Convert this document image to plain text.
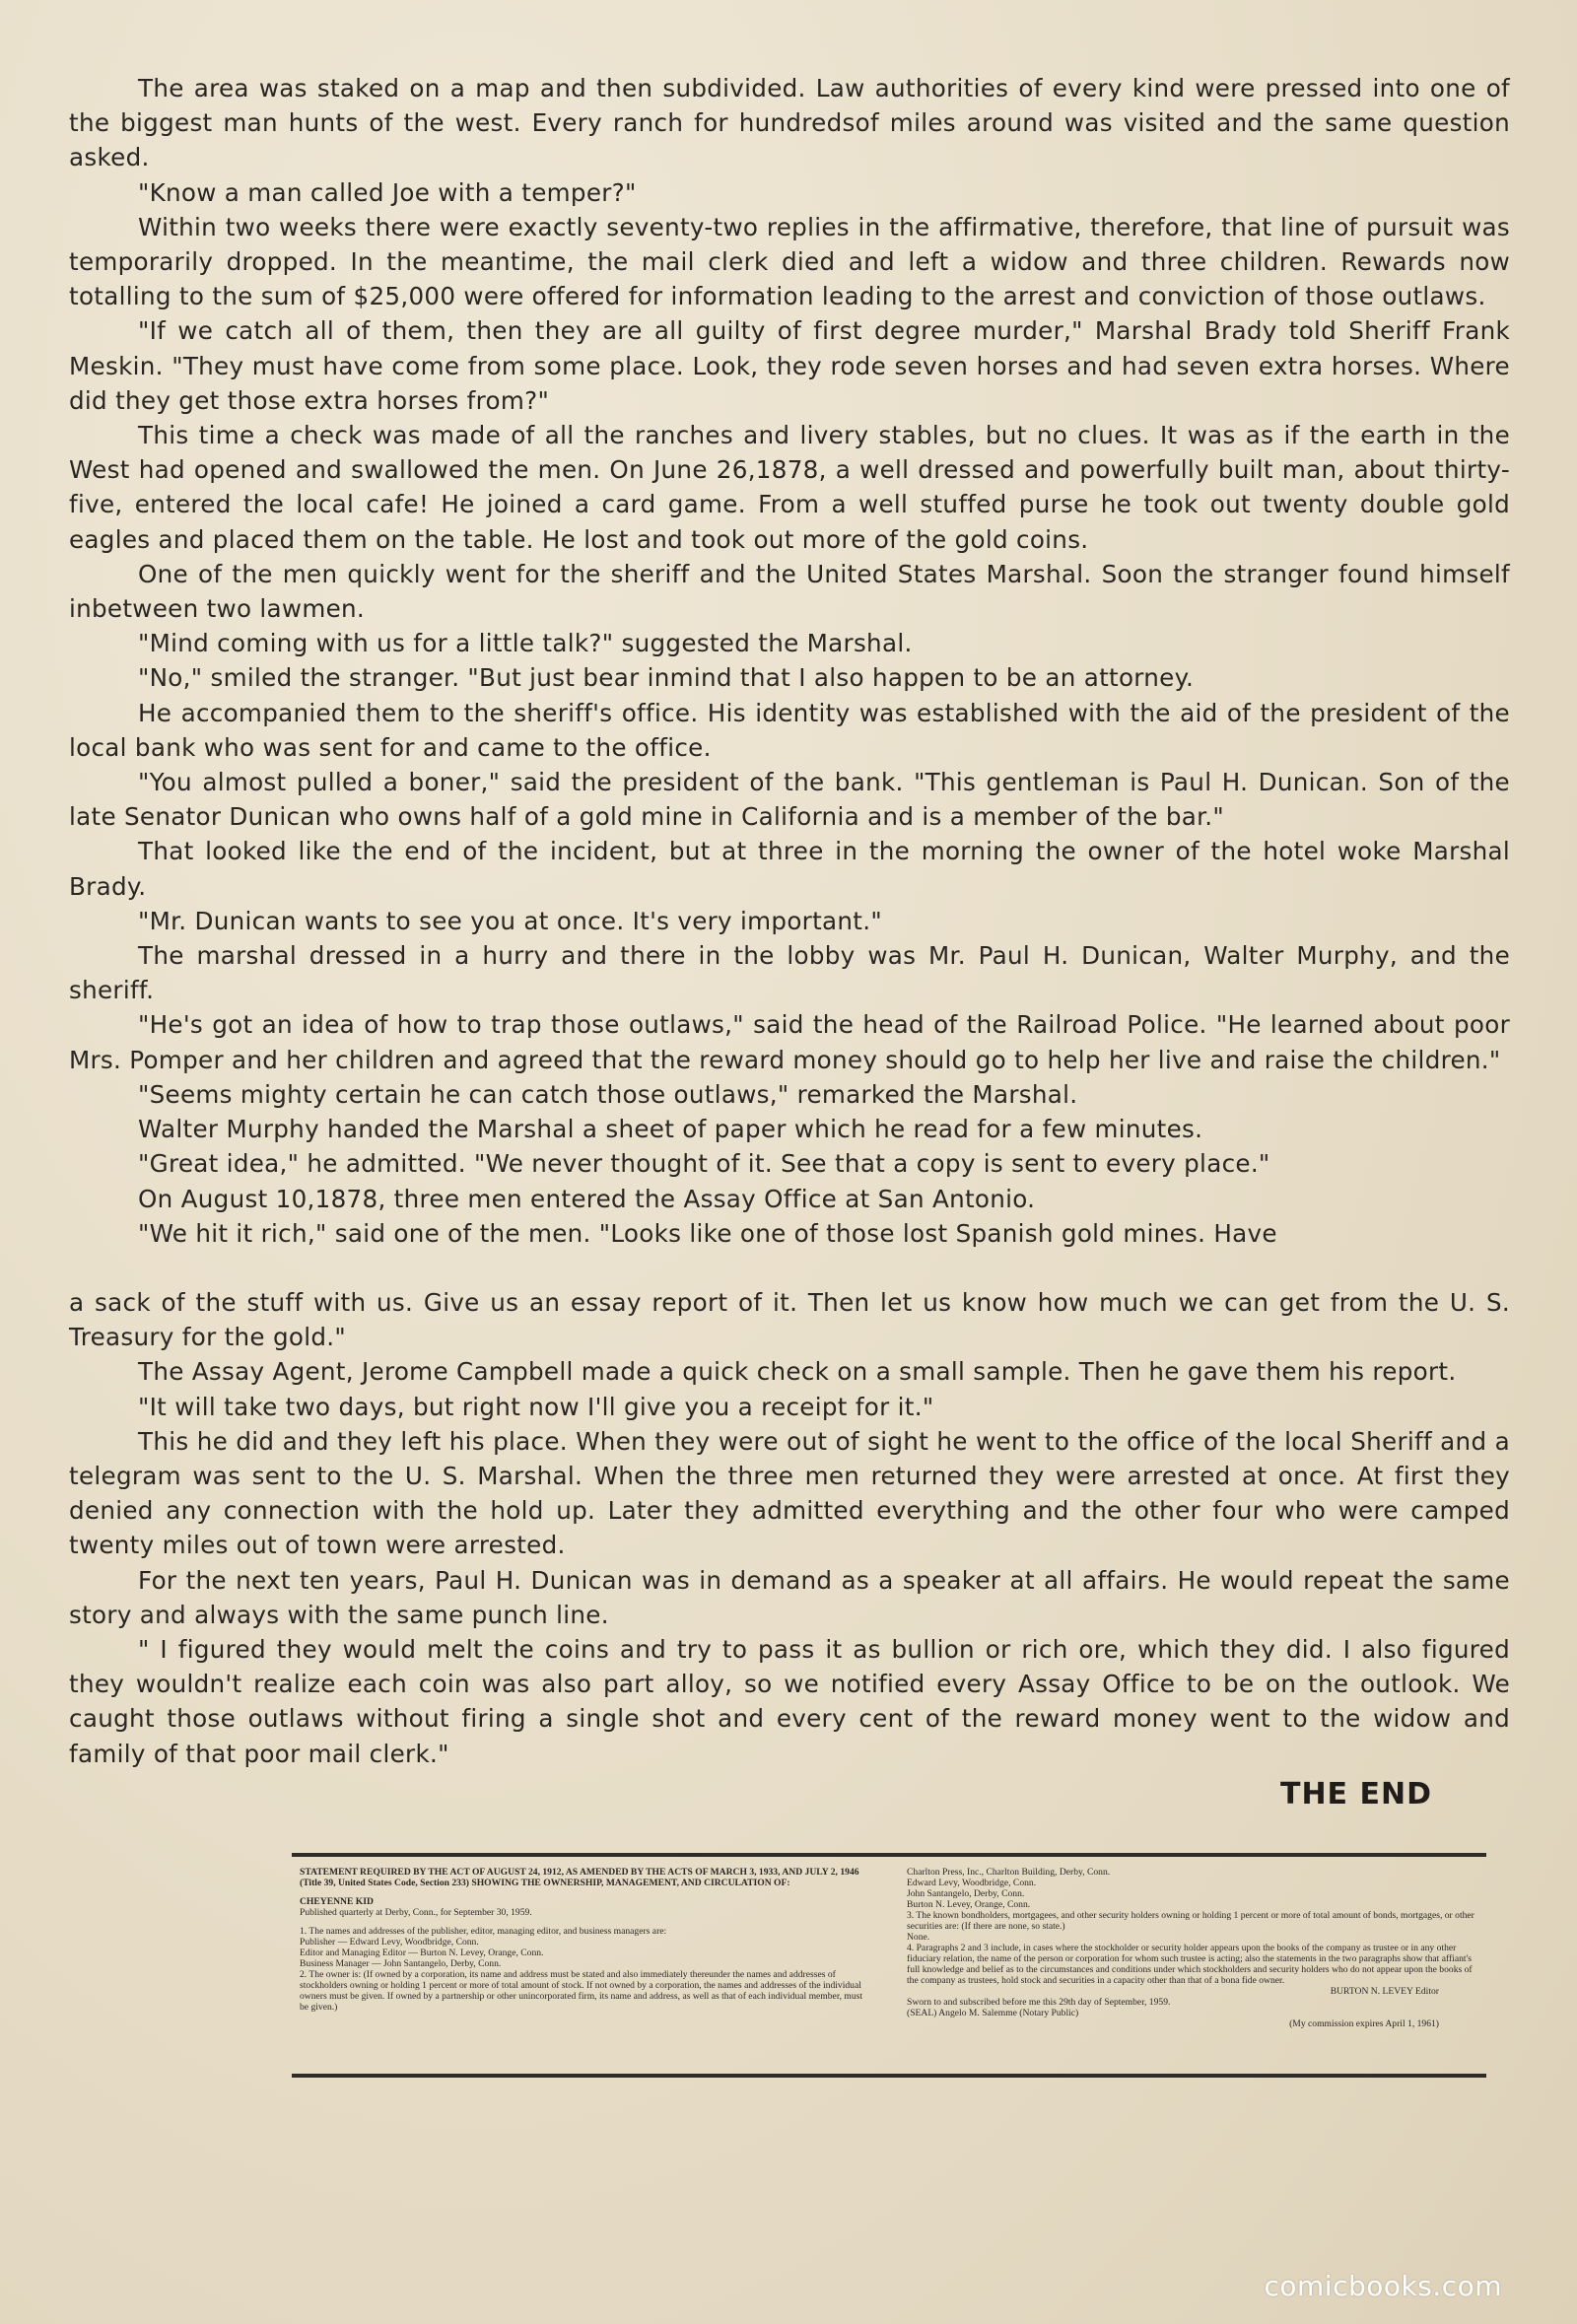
The area was staked on a map and then subdivided. Law authorities of every kind were pressed into one of the biggest man hunts of the west. Every ranch for hundredsof miles around was visited and the same question asked.

"Know a man called Joe with a temper?"

Within two weeks there were exactly seventy-two replies in the affirmative, therefore, that line of pursuit was temporarily dropped. In the meantime, the mail clerk died and left a widow and three children. Rewards now totalling to the sum of $25,000 were offered for information leading to the arrest and conviction of those outlaws.

"If we catch all of them, then they are all guilty of first degree murder," Marshal Brady told Sheriff Frank Meskin. "They must have come from some place. Look, they rode seven horses and had seven extra horses. Where did they get those extra horses from?"

This time a check was made of all the ranches and livery stables, but no clues. It was as if the earth in the West had opened and swallowed the men. On June 26,1878, a well dressed and powerfully built man, about thirty-five, entered the local cafe! He joined a card game. From a well stuffed purse he took out twenty double gold eagles and placed them on the table. He lost and took out more of the gold coins.

One of the men quickly went for the sheriff and the United States Marshal. Soon the stranger found himself inbetween two lawmen.

"Mind coming with us for a little talk?" suggested the Marshal.

"No," smiled the stranger. "But just bear inmind that I also happen to be an attorney.

He accompanied them to the sheriff's office. His identity was established with the aid of the president of the local bank who was sent for and came to the office.

"You almost pulled a boner," said the president of the bank. "This gentleman is Paul H. Dunican. Son of the late Senator Dunican who owns half of a gold mine in California and is a member of the bar."

That looked like the end of the incident, but at three in the morning the owner of the hotel woke Marshal Brady.

"Mr. Dunican wants to see you at once. It's very important."

The marshal dressed in a hurry and there in the lobby was Mr. Paul H. Dunican, Walter Murphy, and the sheriff.

"He's got an idea of how to trap those outlaws," said the head of the Railroad Police. "He learned about poor Mrs. Pomper and her children and agreed that the reward money should go to help her live and raise the children."

"Seems mighty certain he can catch those outlaws," remarked the Marshal.

Walter Murphy handed the Marshal a sheet of paper which he read for a few minutes.

"Great idea," he admitted. "We never thought of it. See that a copy is sent to every place."

On August 10,1878, three men entered the Assay Office at San Antonio.

"We hit it rich," said one of the men. "Looks like one of those lost Spanish gold mines. Have

a sack of the stuff with us. Give us an essay report of it. Then let us know how much we can get from the U. S. Treasury for the gold."

The Assay Agent, Jerome Campbell made a quick check on a small sample. Then he gave them his report.

"It will take two days, but right now I'll give you a receipt for it."

This he did and they left his place. When they were out of sight he went to the office of the local Sheriff and a telegram was sent to the U. S. Marshal. When the three men returned they were arrested at once. At first they denied any connection with the hold up. Later they admitted everything and the other four who were camped twenty miles out of town were arrested.

For the next ten years, Paul H. Dunican was in demand as a speaker at all affairs. He would repeat the same story and always with the same punch line.

" I figured they would melt the coins and try to pass it as bullion or rich ore, which they did. I also figured they wouldn't realize each coin was also part alloy, so we notified every Assay Office to be on the outlook. We caught those outlaws without firing a single shot and every cent of the reward money went to the widow and family of that poor mail clerk."

THE END
STATEMENT REQUIRED BY THE ACT OF AUGUST 24, 1912, AS AMENDED BY THE ACTS OF MARCH 3, 1933, AND JULY 2, 1946 (Title 39, United States Code, Section 233) SHOWING THE OWNERSHIP, MANAGEMENT, AND CIRCULATION OF:
CHEYENNE KID
Published quarterly at Derby, Conn., for September 30, 1959.
1. The names and addresses of the publisher, editor, managing editor, and business managers are:
Publisher — Edward Levy, Woodbridge, Conn.
Editor and Managing Editor — Burton N. Levey, Orange, Conn.
Business Manager — John Santangelo, Derby, Conn.
2. The owner is: (If owned by a corporation, its name and address must be stated and also immediately thereunder the names and addresses of stockholders owning or holding 1 percent or more of total amount of stock. If not owned by a corporation, the names and addresses of the individual owners must be given. If owned by a partnership or other unincorporated firm, its name and address, as well as that of each individual member, must be given.)
Charlton Press, Inc., Charlton Building, Derby, Conn.
Edward Levy, Woodbridge, Conn.
John Santangelo, Derby, Conn.
Burton N. Levey, Orange, Conn.
3. The known bondholders, mortgagees, and other security holders owning or holding 1 percent or more of total amount of bonds, mortgages, or other securities are: (If there are none, so state.)
None.
4. Paragraphs 2 and 3 include, in cases where the stockholder or security holder appears upon the books of the company as trustee or in any other fiduciary relation, the name of the person or corporation for whom such trustee is acting; also the statements in the two paragraphs show that affiant's full knowledge and belief as to the circumstances and conditions under which stockholders and security holders who do not appear upon the books of the company as trustees, hold stock and securities in a capacity other than that of a bona fide owner.
BURTON N. LEVEY Editor
Sworn to and subscribed before me this 29th day of September, 1959.
(SEAL) Angelo M. Salemme (Notary Public)
(My commission expires April 1, 1961)
comicbooks.com
